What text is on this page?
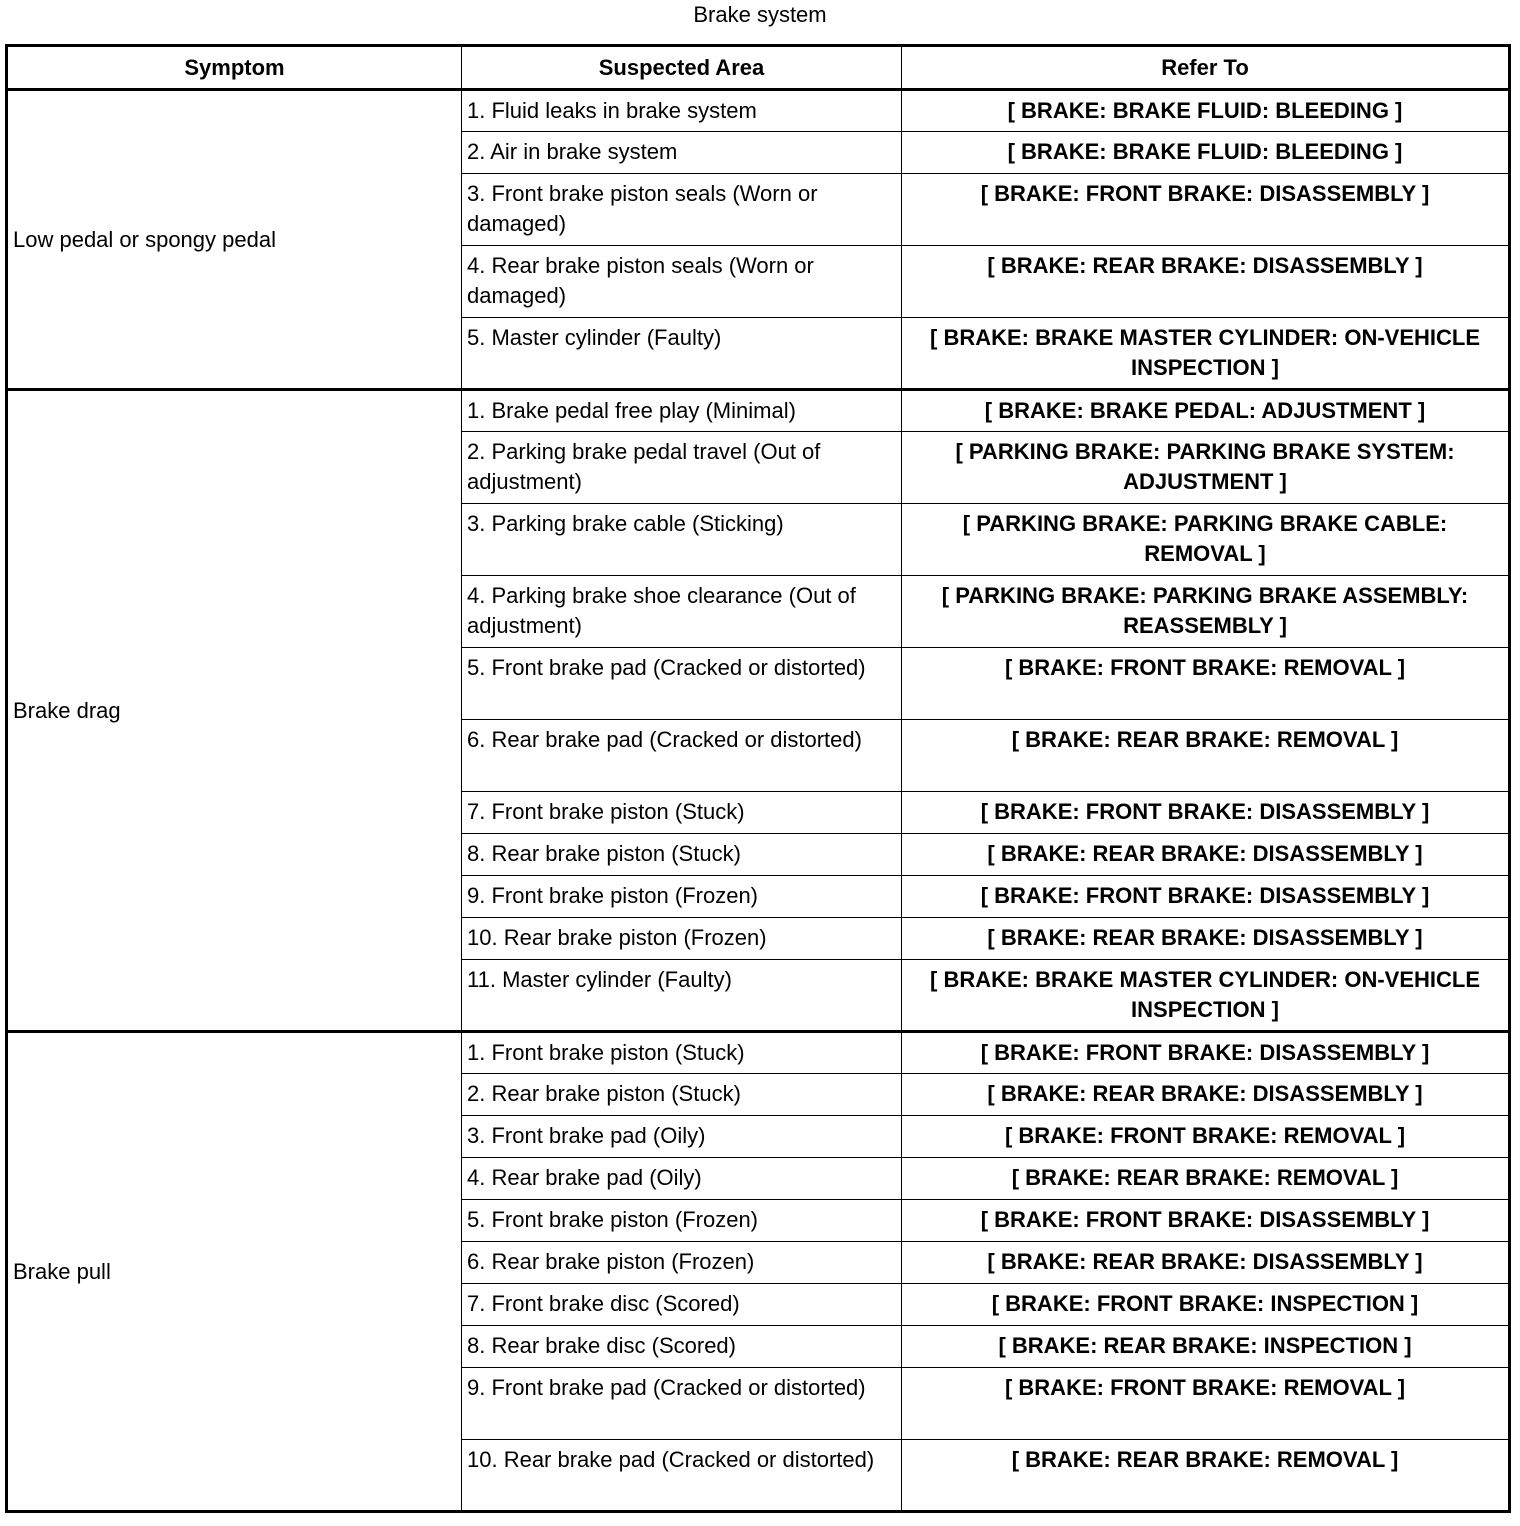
Brake system
Symptom	Suspected Area	Refer To
Low pedal or spongy pedal	1. Fluid leaks in brake system	[ BRAKE: BRAKE FLUID: BLEEDING ]
	2. Air in brake system	[ BRAKE: BRAKE FLUID: BLEEDING ]
	3. Front brake piston seals (Worn or damaged)	[ BRAKE: FRONT BRAKE: DISASSEMBLY ]
	4. Rear brake piston seals (Worn or damaged)	[ BRAKE: REAR BRAKE: DISASSEMBLY ]
	5. Master cylinder (Faulty)	[ BRAKE: BRAKE MASTER CYLINDER: ON-VEHICLE INSPECTION ]
Brake drag	1. Brake pedal free play (Minimal)	[ BRAKE: BRAKE PEDAL: ADJUSTMENT ]
	2. Parking brake pedal travel (Out of adjustment)	[ PARKING BRAKE: PARKING BRAKE SYSTEM: ADJUSTMENT ]
	3. Parking brake cable (Sticking)	[ PARKING BRAKE: PARKING BRAKE CABLE: REMOVAL ]
	4. Parking brake shoe clearance (Out of adjustment)	[ PARKING BRAKE: PARKING BRAKE ASSEMBLY: REASSEMBLY ]
	5. Front brake pad (Cracked or distorted)	[ BRAKE: FRONT BRAKE: REMOVAL ]
	6. Rear brake pad (Cracked or distorted)	[ BRAKE: REAR BRAKE: REMOVAL ]
	7. Front brake piston (Stuck)	[ BRAKE: FRONT BRAKE: DISASSEMBLY ]
	8. Rear brake piston (Stuck)	[ BRAKE: REAR BRAKE: DISASSEMBLY ]
	9. Front brake piston (Frozen)	[ BRAKE: FRONT BRAKE: DISASSEMBLY ]
	10. Rear brake piston (Frozen)	[ BRAKE: REAR BRAKE: DISASSEMBLY ]
	11. Master cylinder (Faulty)	[ BRAKE: BRAKE MASTER CYLINDER: ON-VEHICLE INSPECTION ]
Brake pull	1. Front brake piston (Stuck)	[ BRAKE: FRONT BRAKE: DISASSEMBLY ]
	2. Rear brake piston (Stuck)	[ BRAKE: REAR BRAKE: DISASSEMBLY ]
	3. Front brake pad (Oily)	[ BRAKE: FRONT BRAKE: REMOVAL ]
	4. Rear brake pad (Oily)	[ BRAKE: REAR BRAKE: REMOVAL ]
	5. Front brake piston (Frozen)	[ BRAKE: FRONT BRAKE: DISASSEMBLY ]
	6. Rear brake piston (Frozen)	[ BRAKE: REAR BRAKE: DISASSEMBLY ]
	7. Front brake disc (Scored)	[ BRAKE: FRONT BRAKE: INSPECTION ]
	8. Rear brake disc (Scored)	[ BRAKE: REAR BRAKE: INSPECTION ]
	9. Front brake pad (Cracked or distorted)	[ BRAKE: FRONT BRAKE: REMOVAL ]
	10. Rear brake pad (Cracked or distorted)	[ BRAKE: REAR BRAKE: REMOVAL ]
